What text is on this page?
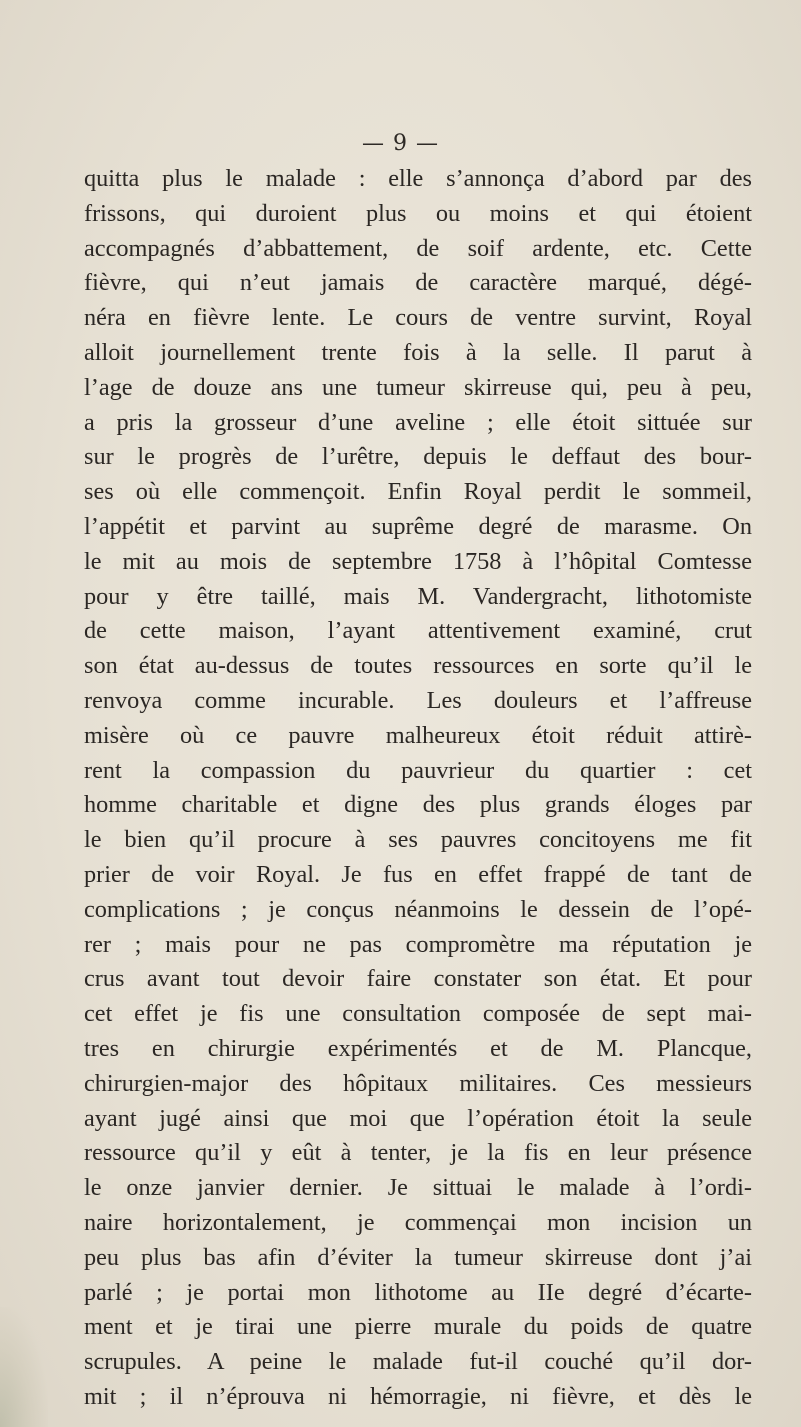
— 9 —
quitta plus le malade : elle s’annonça d’abord par des
frissons, qui duroient plus ou moins et qui étoient
accompagnés d’abbattement, de soif ardente, etc. Cette
fièvre, qui n’eut jamais de caractère marqué, dégé-
néra en fièvre lente. Le cours de ventre survint, Royal
alloit journellement trente fois à la selle. Il parut à
l’age de douze ans une tumeur skirreuse qui, peu à peu,
a pris la grosseur d’une aveline ; elle étoit sittuée sur
sur le progrès de l’urêtre, depuis le deffaut des bour-
ses où elle commençoit. Enfin Royal perdit le sommeil,
l’appétit et parvint au suprême degré de marasme. On
le mit au mois de septembre 1758 à l’hôpital Comtesse
pour y être taillé, mais M. Vandergracht, lithotomiste
de cette maison, l’ayant attentivement examiné, crut
son état au-dessus de toutes ressources en sorte qu’il le
renvoya comme incurable. Les douleurs et l’affreuse
misère où ce pauvre malheureux étoit réduit attirè-
rent la compassion du pauvrieur du quartier : cet
homme charitable et digne des plus grands éloges par
le bien qu’il procure à ses pauvres concitoyens me fit
prier de voir Royal. Je fus en effet frappé de tant de
complications ; je conçus néanmoins le dessein de l’opé-
rer ; mais pour ne pas compromètre ma réputation je
crus avant tout devoir faire constater son état. Et pour
cet effet je fis une consultation composée de sept mai-
tres en chirurgie expérimentés et de M. Plancque,
chirurgien-major des hôpitaux militaires. Ces messieurs
ayant jugé ainsi que moi que l’opération étoit la seule
ressource qu’il y eût à tenter, je la fis en leur présence
le onze janvier dernier. Je sittuai le malade à l’ordi-
naire horizontalement, je commençai mon incision un
peu plus bas afin d’éviter la tumeur skirreuse dont j’ai
parlé ; je portai mon lithotome au IIe degré d’écarte-
ment et je tirai une pierre murale du poids de quatre
scrupules. A peine le malade fut-il couché qu’il dor-
mit ; il n’éprouva ni hémorragie, ni fièvre, et dès le
